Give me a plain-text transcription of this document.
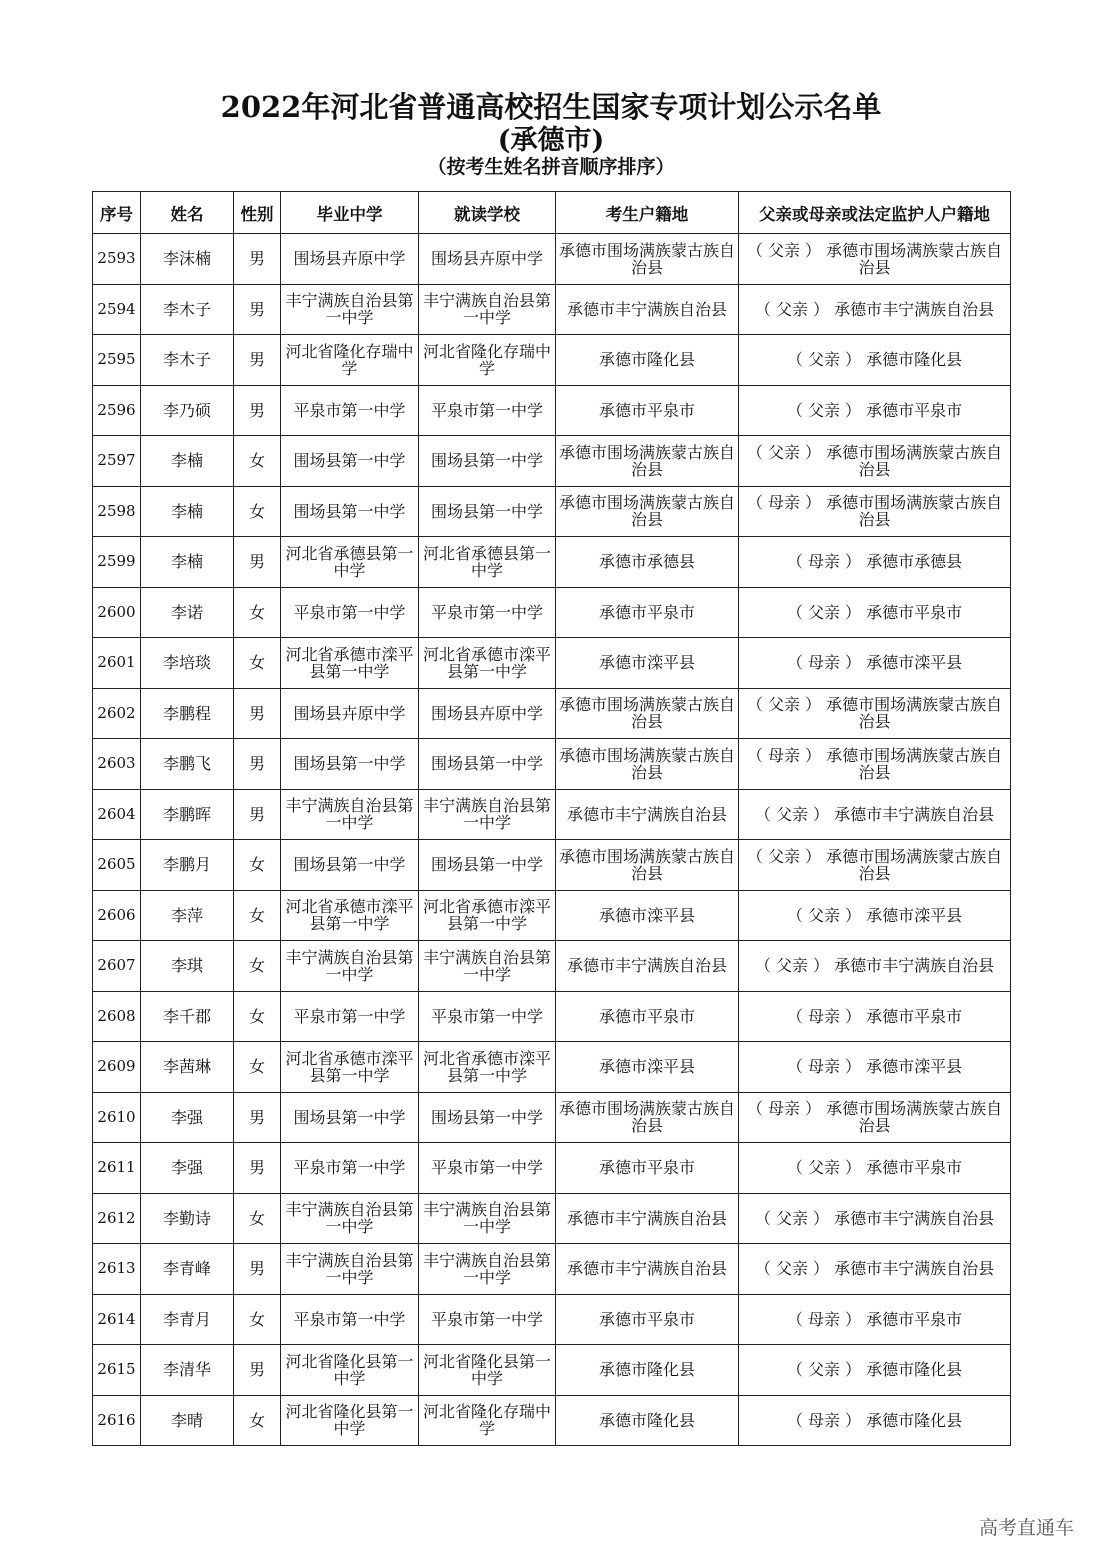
2022年河北省普通高校招生国家专项计划公示名单
(承德市)
（按考生姓名拼音顺序排序）
序号	姓名	性别	毕业中学	就读学校	考生户籍地	父亲或母亲或法定监护人户籍地
2593	李沫楠	男	围场县卉原中学	围场县卉原中学	承德市围场满族蒙古族自治县	（ 父亲 ） 承德市围场满族蒙古族自治县
2594	李木子	男	丰宁满族自治县第一中学	丰宁满族自治县第一中学	承德市丰宁满族自治县	（ 父亲 ） 承德市丰宁满族自治县
2595	李木子	男	河北省隆化存瑞中学	河北省隆化存瑞中学	承德市隆化县	（ 父亲 ） 承德市隆化县
2596	李乃硕	男	平泉市第一中学	平泉市第一中学	承德市平泉市	（ 父亲 ） 承德市平泉市
2597	李楠	女	围场县第一中学	围场县第一中学	承德市围场满族蒙古族自治县	（ 父亲 ） 承德市围场满族蒙古族自治县
2598	李楠	女	围场县第一中学	围场县第一中学	承德市围场满族蒙古族自治县	（ 母亲 ） 承德市围场满族蒙古族自治县
2599	李楠	男	河北省承德县第一中学	河北省承德县第一中学	承德市承德县	（ 母亲 ） 承德市承德县
2600	李诺	女	平泉市第一中学	平泉市第一中学	承德市平泉市	（ 父亲 ） 承德市平泉市
2601	李培琰	女	河北省承德市滦平县第一中学	河北省承德市滦平县第一中学	承德市滦平县	（ 母亲 ） 承德市滦平县
2602	李鹏程	男	围场县卉原中学	围场县卉原中学	承德市围场满族蒙古族自治县	（ 父亲 ） 承德市围场满族蒙古族自治县
2603	李鹏飞	男	围场县第一中学	围场县第一中学	承德市围场满族蒙古族自治县	（ 母亲 ） 承德市围场满族蒙古族自治县
2604	李鹏晖	男	丰宁满族自治县第一中学	丰宁满族自治县第一中学	承德市丰宁满族自治县	（ 父亲 ） 承德市丰宁满族自治县
2605	李鹏月	女	围场县第一中学	围场县第一中学	承德市围场满族蒙古族自治县	（ 父亲 ） 承德市围场满族蒙古族自治县
2606	李萍	女	河北省承德市滦平县第一中学	河北省承德市滦平县第一中学	承德市滦平县	（ 父亲 ） 承德市滦平县
2607	李琪	女	丰宁满族自治县第一中学	丰宁满族自治县第一中学	承德市丰宁满族自治县	（ 父亲 ） 承德市丰宁满族自治县
2608	李千郡	女	平泉市第一中学	平泉市第一中学	承德市平泉市	（ 母亲 ） 承德市平泉市
2609	李茜琳	女	河北省承德市滦平县第一中学	河北省承德市滦平县第一中学	承德市滦平县	（ 母亲 ） 承德市滦平县
2610	李强	男	围场县第一中学	围场县第一中学	承德市围场满族蒙古族自治县	（ 母亲 ） 承德市围场满族蒙古族自治县
2611	李强	男	平泉市第一中学	平泉市第一中学	承德市平泉市	（ 父亲 ） 承德市平泉市
2612	李勤诗	女	丰宁满族自治县第一中学	丰宁满族自治县第一中学	承德市丰宁满族自治县	（ 父亲 ） 承德市丰宁满族自治县
2613	李青峰	男	丰宁满族自治县第一中学	丰宁满族自治县第一中学	承德市丰宁满族自治县	（ 父亲 ） 承德市丰宁满族自治县
2614	李青月	女	平泉市第一中学	平泉市第一中学	承德市平泉市	（ 母亲 ） 承德市平泉市
2615	李清华	男	河北省隆化县第一中学	河北省隆化县第一中学	承德市隆化县	（ 父亲 ） 承德市隆化县
2616	李晴	女	河北省隆化县第一中学	河北省隆化存瑞中学	承德市隆化县	（ 母亲 ） 承德市隆化县
高考直通车
